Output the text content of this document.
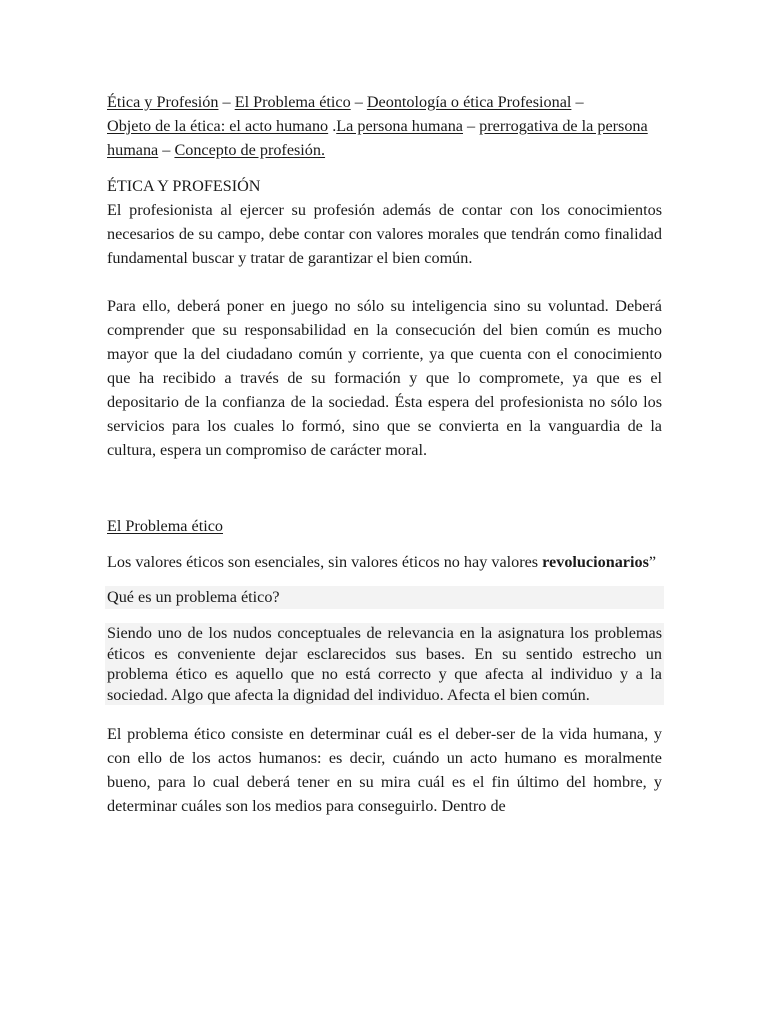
Ética y Profesión – El Problema ético – Deontología o ética Profesional –
Objeto de la ética: el acto humano .La persona humana – prerrogativa de la persona humana – Concepto de profesión.
ÉTICA Y PROFESIÓN

El profesionista al ejercer su profesión además de contar con los conocimientos necesarios de su campo, debe contar con valores morales que tendrán como finalidad fundamental buscar y tratar de garantizar el bien común.

Para ello, deberá poner en juego no sólo su inteligencia sino su voluntad. Deberá comprender que su responsabilidad en la consecución del bien común es mucho mayor que la del ciudadano común y corriente, ya que cuenta con el conocimiento que ha recibido a través de su formación y que lo compromete, ya que es el depositario de la confianza de la sociedad. Ésta espera del profesionista no sólo los servicios para los cuales lo formó, sino que se convierta en la vanguardia de la cultura, espera un compromiso de carácter moral.

El Problema ético

Los valores éticos son esenciales, sin valores éticos no hay valores revolucionarios”

Qué es un problema ético?

Siendo uno de los nudos conceptuales de relevancia en la asignatura los problemas éticos es conveniente dejar esclarecidos sus bases. En su sentido estrecho un problema ético es aquello que no está correcto y que afecta al individuo y a la sociedad. Algo que afecta la dignidad del individuo. Afecta el bien común.

El problema ético consiste en determinar cuál es el deber-ser de la vida humana, y con ello de los actos humanos: es decir, cuándo un acto humano es moralmente bueno, para lo cual deberá tener en su mira cuál es el fin último del hombre, y determinar cuáles son los medios para conseguirlo. Dentro de
